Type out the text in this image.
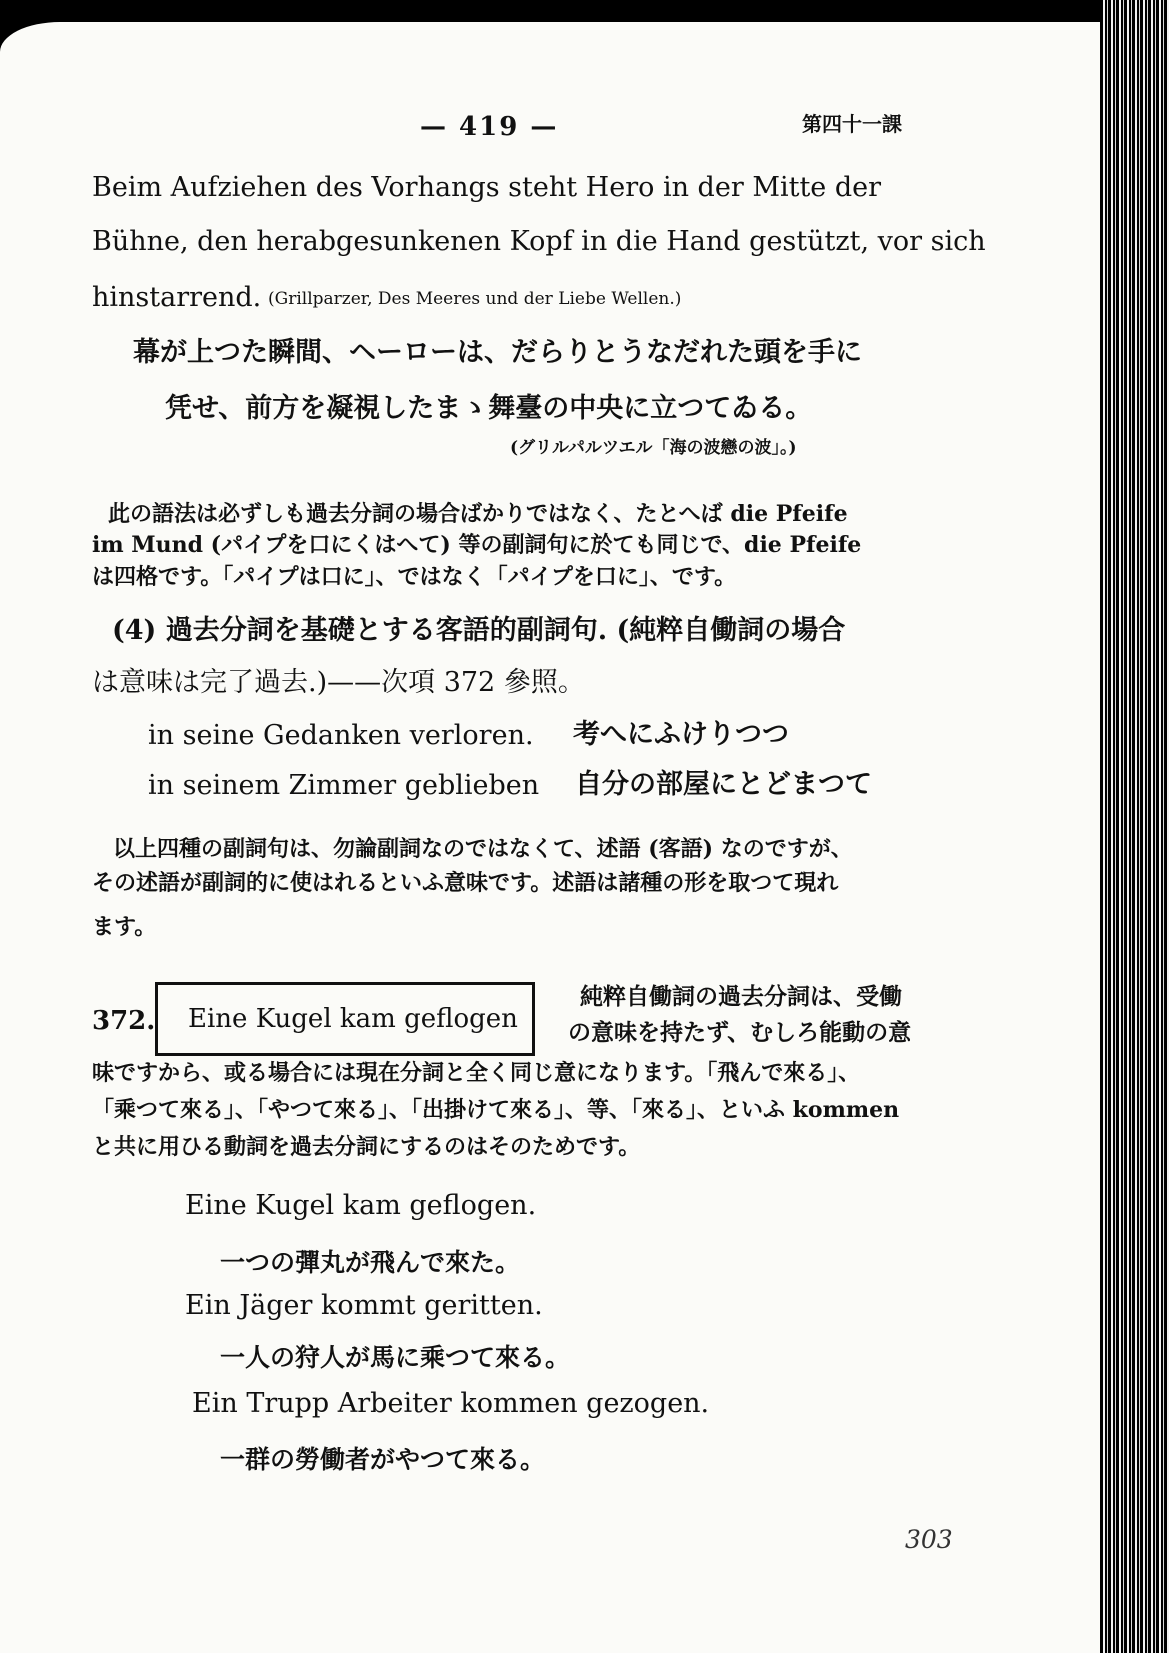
— 419 —	第四十一課
Beim Aufziehen des Vorhangs steht Hero in der Mitte der
Bühne, den herabgesunkenen Kopf in die Hand gestützt, vor sich
hinstarrend. (Grillparzer, Des Meeres und der Liebe Wellen.)
幕が上つた瞬間、ヘーローは、だらりとうなだれた頭を手に
凭せ、前方を凝視したまゝ舞臺の中央に立つてゐる。
(グリルパルツエル「海の波戀の波」。)
此の語法は必ずしも過去分詞の場合ばかりではなく、たとへば die Pfeife
im Mund (パイプを口にくはへて) 等の副詞句に於ても同じで、die Pfeife
は四格です。「パイプは口に」、ではなく「パイプを口に」、です。
(4) 過去分詞を基礎とする客語的副詞句. (純粹自働詞の場合
は意味は完了過去.)——次項 372 參照。
in seine Gedanken verloren. 考へにふけりつつ
in seinem Zimmer geblieben 自分の部屋にとどまつて
以上四種の副詞句は、勿論副詞なのではなくて、述語 (客語) なのですが、
その述語が副詞的に使はれるといふ意味です。述語は諸種の形を取つて現れ
ます。
372. Eine Kugel kam geflogen
純粹自働詞の過去分詞は、受働
の意味を持たず、むしろ能動の意
味ですから、或る場合には現在分詞と全く同じ意になります。「飛んで來る」、
「乘つて來る」、「やつて來る」、「出掛けて來る」、等、「來る」、といふ kommen
と共に用ひる動詞を過去分詞にするのはそのためです。
Eine Kugel kam geflogen.
一つの彈丸が飛んで來た。
Ein Jäger kommt geritten.
一人の狩人が馬に乘つて來る。
Ein Trupp Arbeiter kommen gezogen.
一群の勞働者がやつて來る。
303
